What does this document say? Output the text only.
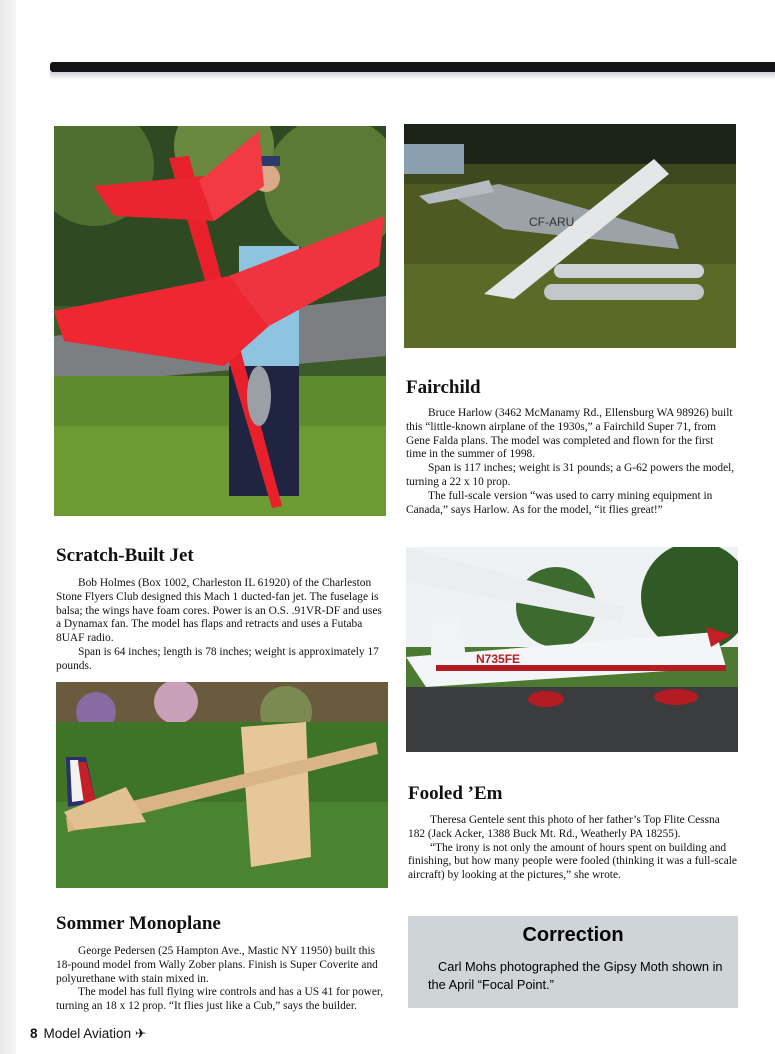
CF-ARU
Fairchild

Bruce Harlow (3462 McManamy Rd., Ellensburg WA 98926) built this “little-known airplane of the 1930s,” a Fairchild Super 71, from Gene Falda plans. The model was completed and flown for the first time in the summer of 1998.

Span is 117 inches; weight is 31 pounds; a G-62 powers the model, turning a 22 x 10 prop.

The full-scale version “was used to carry mining equipment in Canada,” says Harlow. As for the model, “it flies great!”

Scratch-Built Jet

Bob Holmes (Box 1002, Charleston IL 61920) of the Charleston Stone Flyers Club designed this Mach 1 ducted-fan jet. The fuselage is balsa; the wings have foam cores. Power is an O.S. .91VR-DF and uses a Dynamax fan. The model has flaps and retracts and uses a Futaba 8UAF radio.

Span is 64 inches; length is 78 inches; weight is approximately 17 pounds.	N735FE
Fooled ’Em

Theresa Gentele sent this photo of her father’s Top Flite Cessna 182 (Jack Acker, 1388 Buck Mt. Rd., Weatherly PA 18255).

“The irony is not only the amount of hours spent on building and finishing, but how many people were fooled (thinking it was a full-scale aircraft) by looking at the pictures,” she wrote.

Sommer Monoplane

George Pedersen (25 Hampton Ave., Mastic NY 11950) built this 18-pound model from Wally Zober plans. Finish is Super Coverite and polyurethane with stain mixed in.

The model has full flying wire controls and has a US 41 for power, turning an 18 x 12 prop. “It flies just like a Cub,” says the builder.

Correction
Carl Mohs photographed the Gipsy Moth shown in the April “Focal Point.”
8 Model Aviation ✈
